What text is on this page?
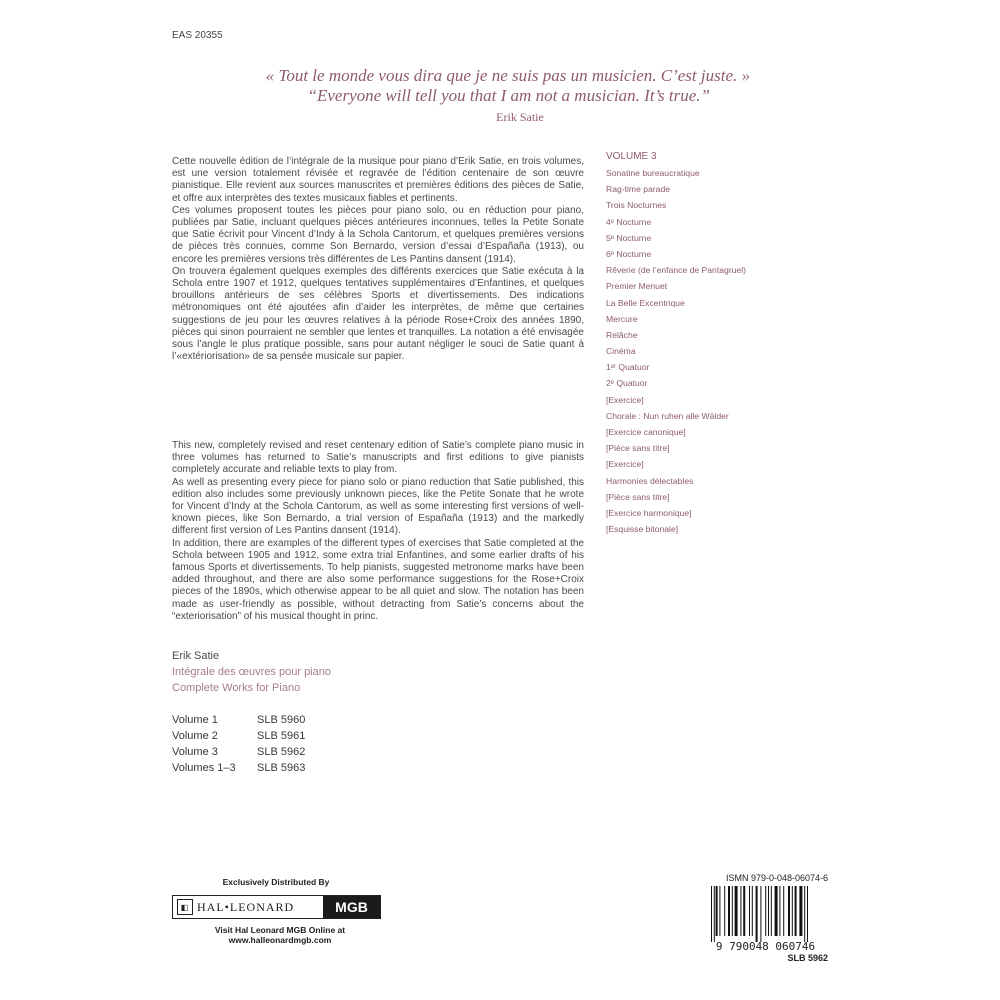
EAS 20355
« Tout le monde vous dira que je ne suis pas un musicien. C’est juste. »
“Everyone will tell you that I am not a musician. It’s true.”
Erik Satie

Cette nouvelle édition de l’intégrale de la musique pour piano d’Erik Satie, en trois volumes, est une version totalement révisée et regravée de l’édition centenaire de son œuvre pianistique. Elle revient aux sources manuscrites et premières éditions des pièces de Satie, et offre aux interprètes des textes musicaux fiables et pertinents.

Ces volumes proposent toutes les pièces pour piano solo, ou en réduction pour piano, publiées par Satie, incluant quelques pièces antérieures inconnues, telles la Petite Sonate que Satie écrivit pour Vincent d’Indy à la Schola Cantorum, et quelques premières versions de pièces très connues, comme Son Bernardo, version d’essai d’Españaña (1913), ou encore les premières versions très différentes de Les Pantins dansent (1914).

On trouvera également quelques exemples des différents exercices que Satie exécuta à la Schola entre 1907 et 1912, quelques tentatives supplémentaires d’Enfantines, et quelques brouillons antérieurs de ses célèbres Sports et divertissements. Des indications métronomiques ont été ajoutées afin d’aider les interprètes, de même que certaines suggestions de jeu pour les œuvres relatives à la période Rose+Croix des années 1890, pièces qui sinon pourraient ne sembler que lentes et tranquilles. La notation a été envisagée sous l’angle le plus pratique possible, sans pour autant négliger le souci de Satie quant à l’«extériorisation» de sa pensée musicale sur papier.

This new, completely revised and reset centenary edition of Satie’s complete piano music in three volumes has returned to Satie’s manuscripts and first editions to give pianists completely accurate and reliable texts to play from.

As well as presenting every piece for piano solo or piano reduction that Satie published, this edition also includes some previously unknown pieces, like the Petite Sonate that he wrote for Vincent d’Indy at the Schola Cantorum, as well as some interesting first versions of well-known pieces, like Son Bernardo, a trial version of Españaña (1913) and the markedly different first version of Les Pantins dansent (1914).

In addition, there are examples of the different types of exercises that Satie completed at the Schola between 1905 and 1912, some extra trial Enfantines, and some earlier drafts of his famous Sports et divertissements. To help pianists, suggested metronome marks have been added throughout, and there are also some performance suggestions for the Rose+Croix pieces of the 1890s, which otherwise appear to be all quiet and slow. The notation has been made as user-friendly as possible, without detracting from Satie’s concerns about the “exteriorisation” of his musical thought in princ.

VOLUME 3
Sonatine bureaucratique
Rag-time parade
Trois Nocturnes
4ᵉ Nocturne
5ᵉ Nocturne
6ᵉ Nocturne
Rêverie (de l’enfance de Pantagruel)
Premier Menuet
La Belle Excentrique
Mercure
Relâche
Cinéma
1ᵉʳ Quatuor
2ᵉ Quatuor
[Exercice]
Chorale : Nun ruhen alle Wälder
[Exercice canonique]
[Pièce sans titre]
[Exercice]
Harmonies délectables
[Pièce sans titre]
[Exercice harmonique]
[Esquisse bitonale]
Erik Satie
Intégrale des œuvres pour piano
Complete Works for Piano
Volume 1	SLB 5960
Volume 2	SLB 5961
Volume 3	SLB 5962
Volumes 1–3	SLB 5963
Exclusively Distributed By
◧ HAL•LEONARD	MGB
Visit Hal Leonard MGB Online at
www.halleonardmgb.com
ISMN 979-0-048-06074-6
9 790048 060746
SLB 5962
